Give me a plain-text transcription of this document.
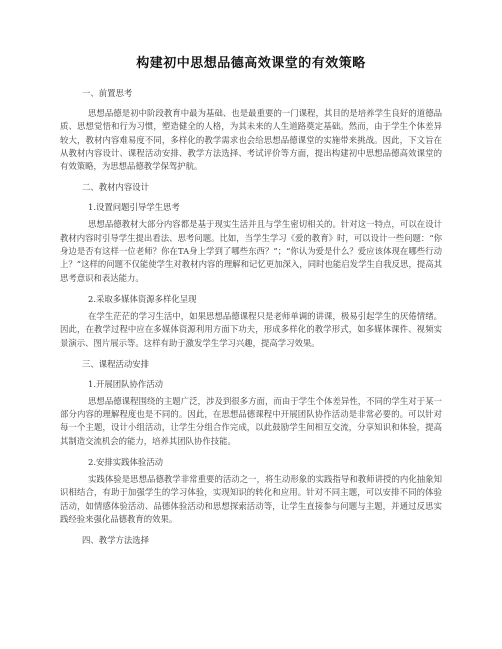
构建初中思想品德高效课堂的有效策略
一、前置思考

思想品德是初中阶段教育中最为基础、也是最重要的一门课程，其目的是培养学生良好的道德品质、思想觉悟和行为习惯，塑造健全的人格，为其未来的人生道路奠定基础。然而，由于学生个体差异较大，教材内容难易度不同，多样化的教学需求也会给思想品德课堂的实施带来挑战。因此，下文旨在从教材内容设计、课程活动安排、教学方法选择、考试评价等方面，提出构建初中思想品德高效课堂的有效策略，为思想品德教学保驾护航。

二、教材内容设计
1.设置问题引导学生思考

思想品德教材大部分内容都是基于现实生活并且与学生密切相关的。针对这一特点，可以在设计教材内容时引导学生提出看法、思考问题。比如，当学生学习《爱的教育》时，可以设计一些问题：“你身边是否有这样一位老师？你在TA身上学到了哪些东西？”；“你认为爱是什么？爱应该体现在哪些行动上？”这样的问题不仅能使学生对教材内容的理解和记忆更加深入，同时也能启发学生自我反思，提高其思考意识和表达能力。

2.采取多媒体资源多样化呈现

在学生茫茫的学习生活中，如果思想品德课程只是老师单调的讲课，极易引起学生的厌倦情绪。因此，在教学过程中应在多媒体资源利用方面下功夫，形成多样化的教学形式，如多媒体课件、视频实景演示、图片展示等。这样有助于激发学生学习兴趣，提高学习效果。

三、课程活动安排
1.开展团队协作活动

思想品德课程围绕的主题广泛，涉及到很多方面，而由于学生个体差异性，不同的学生对于某一部分内容的理解程度也是不同的。因此，在思想品德课程中开展团队协作活动是非常必要的。可以针对每一个主题，设计小组活动，让学生分组合作完成，以此鼓励学生间相互交流，分享知识和体验，提高其制造交流机会的能力，培养其团队协作技能。

2.安排实践体验活动

实践体验是思想品德教学非常重要的活动之一，将生动形象的实践指导和教师讲授的内化抽象知识相结合，有助于加强学生的学习体验，实现知识的转化和应用。针对不同主题，可以安排不同的体验活动，如情感体验活动、品德体验活动和思想探索活动等，让学生直接参与问题与主题，并通过反思实践经验来强化品德教育的效果。

四、教学方法选择
